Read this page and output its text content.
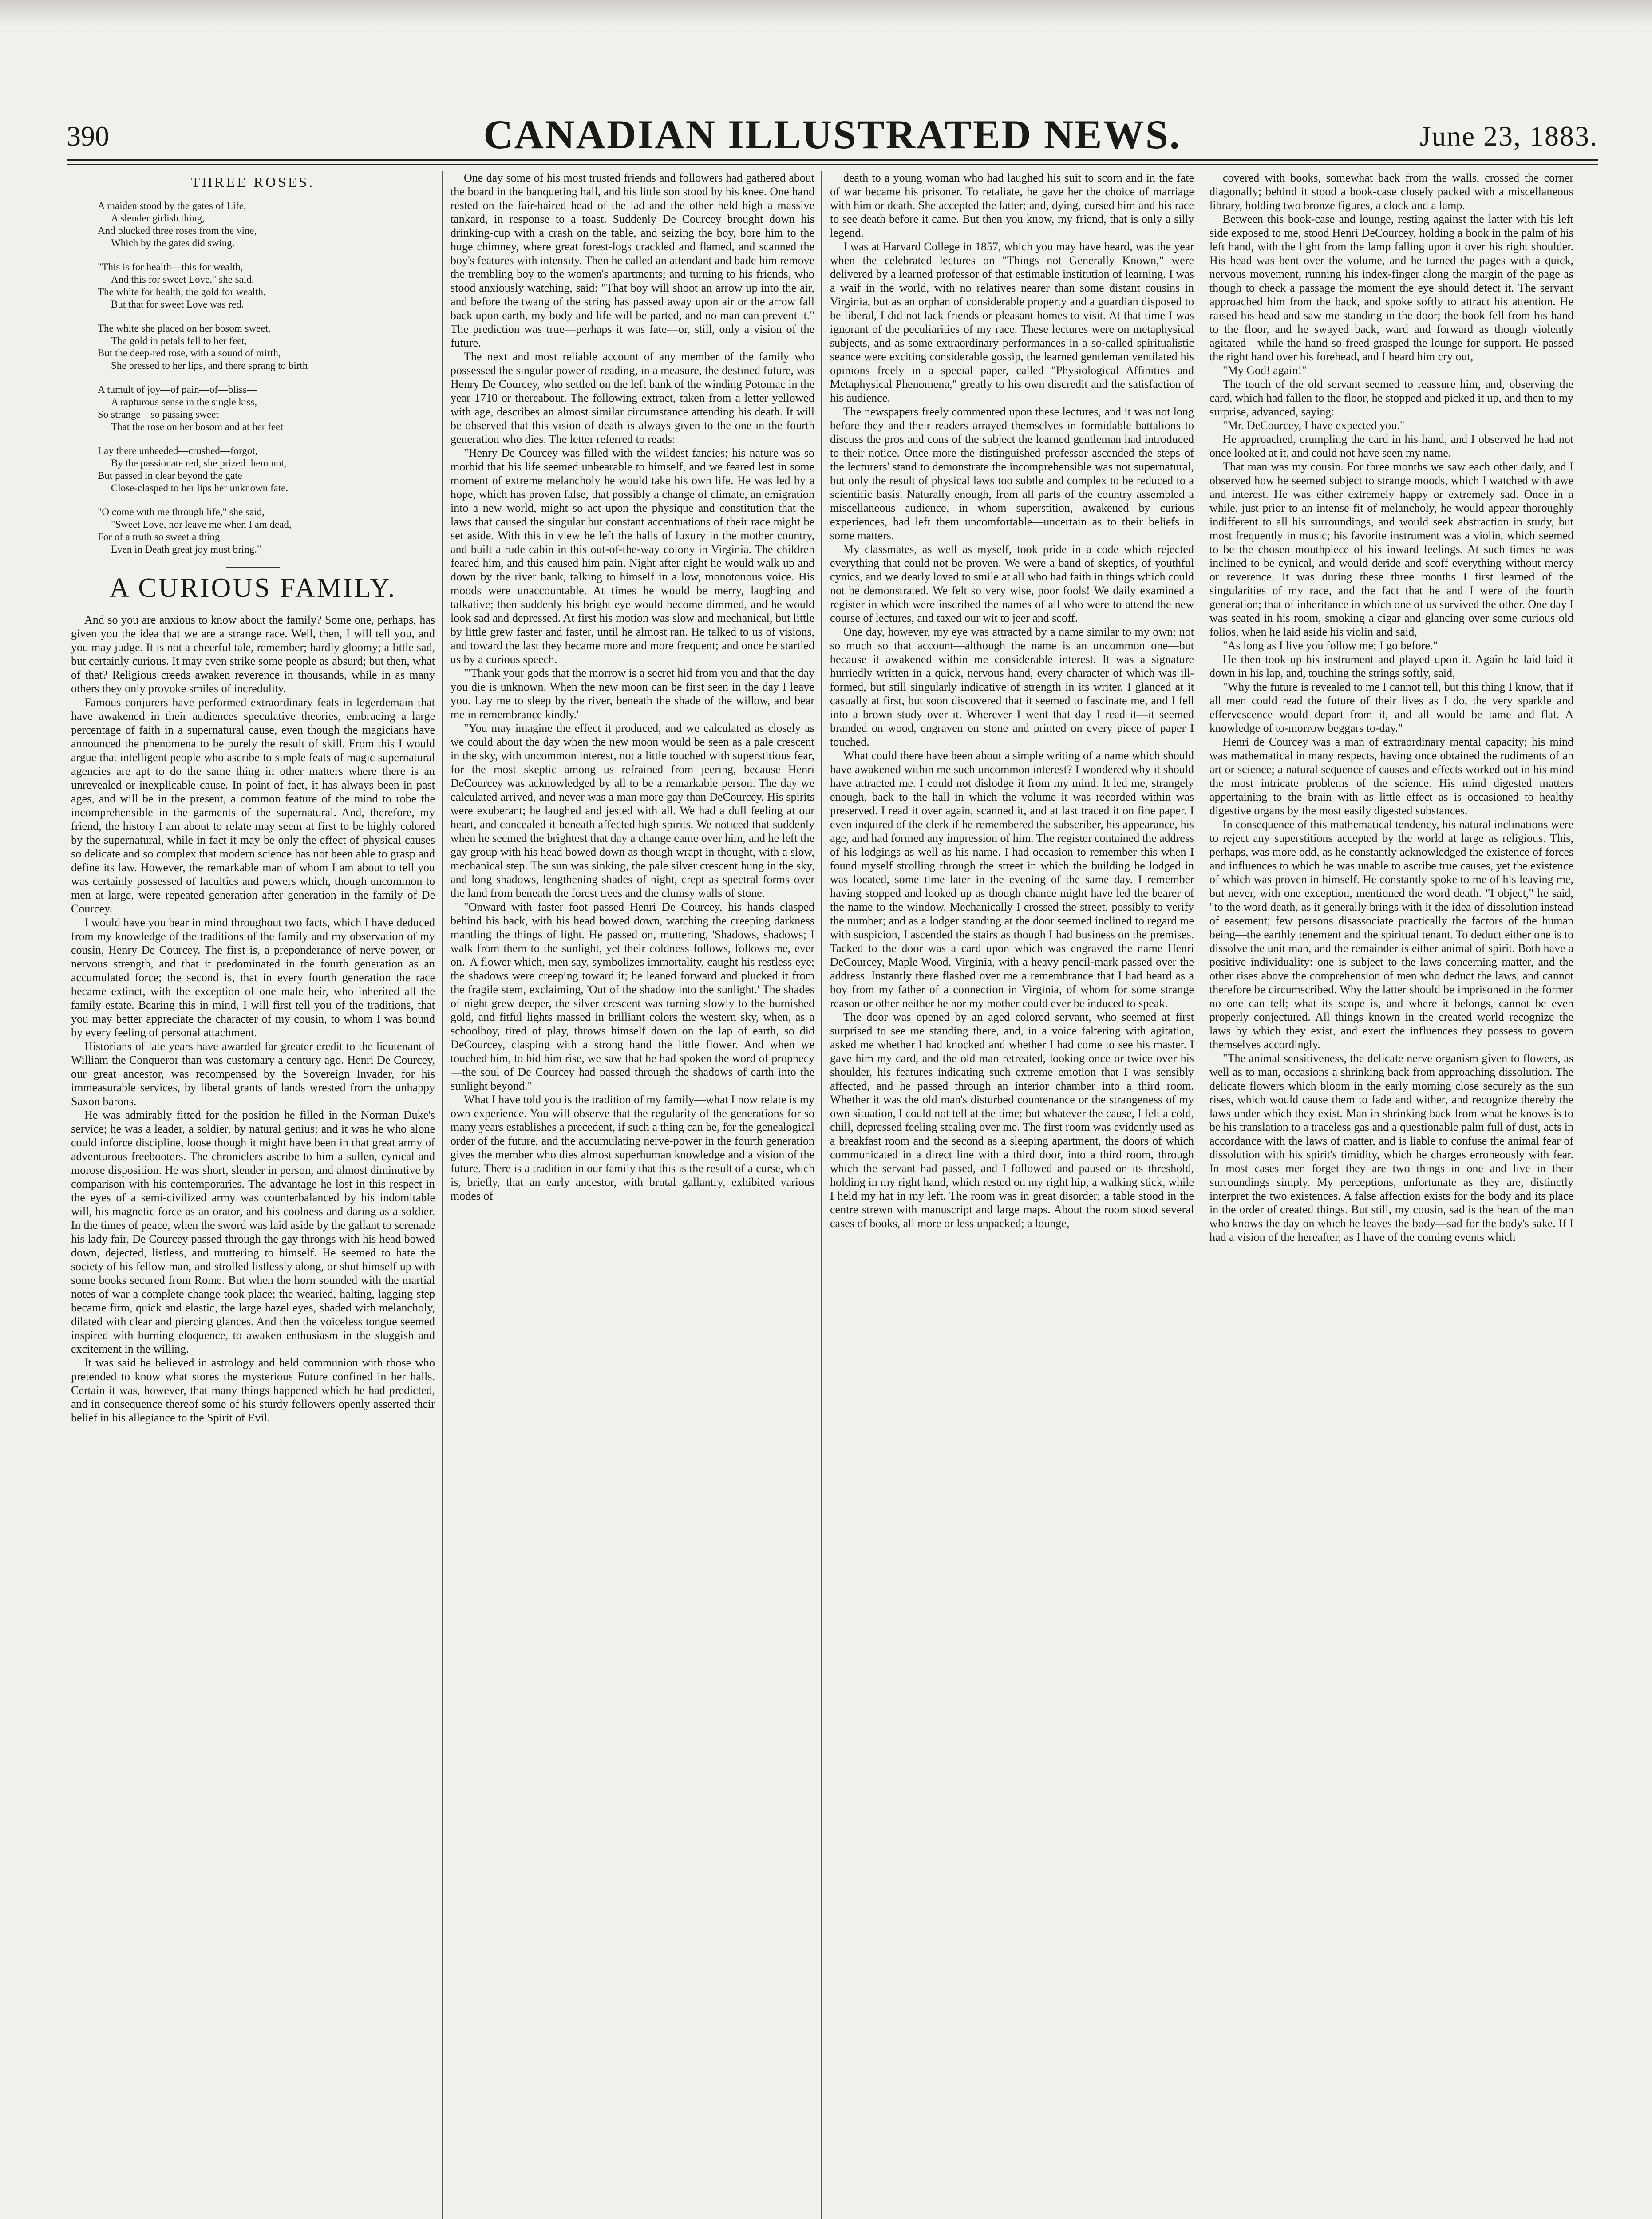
390	CANADIAN ILLUSTRATED NEWS.	June 23, 1883.
THREE ROSES.

A maiden stood by the gates of Life,

A slender girlish thing,

And plucked three roses from the vine,

Which by the gates did swing.

"This is for health—this for wealth,

And this for sweet Love," she said.

The white for health, the gold for wealth,

But that for sweet Love was red.

The white she placed on her bosom sweet,

The gold in petals fell to her feet,

But the deep-red rose, with a sound of mirth,

She pressed to her lips, and there sprang to birth

A tumult of joy—of pain—of—bliss—

A rapturous sense in the single kiss,

So strange—so passing sweet—

That the rose on her bosom and at her feet

Lay there unheeded—crushed—forgot,

By the passionate red, she prized them not,

But passed in clear beyond the gate

Close-clasped to her lips her unknown fate.

"O come with me through life," she said,

"Sweet Love, nor leave me when I am dead,

For of a truth so sweet a thing

Even in Death great joy must bring."

A CURIOUS FAMILY.

And so you are anxious to know about the family? Some one, perhaps, has given you the idea that we are a strange race. Well, then, I will tell you, and you may judge. It is not a cheerful tale, remember; hardly gloomy; a little sad, but certainly curious. It may even strike some people as absurd; but then, what of that? Religious creeds awaken reverence in thousands, while in as many others they only provoke smiles of incredulity.

Famous conjurers have performed extraordinary feats in legerdemain that have awakened in their audiences speculative theories, embracing a large percentage of faith in a supernatural cause, even though the magicians have announced the phenomena to be purely the result of skill. From this I would argue that intelligent people who ascribe to simple feats of magic supernatural agencies are apt to do the same thing in other matters where there is an unrevealed or inexplicable cause. In point of fact, it has always been in past ages, and will be in the present, a common feature of the mind to robe the incomprehensible in the garments of the supernatural. And, therefore, my friend, the history I am about to relate may seem at first to be highly colored by the supernatural, while in fact it may be only the effect of physical causes so delicate and so complex that modern science has not been able to grasp and define its law. However, the remarkable man of whom I am about to tell you was certainly possessed of faculties and powers which, though uncommon to men at large, were repeated generation after generation in the family of De Courcey.

I would have you bear in mind throughout two facts, which I have deduced from my knowledge of the traditions of the family and my observation of my cousin, Henry De Courcey. The first is, a preponderance of nerve power, or nervous strength, and that it predominated in the fourth generation as an accumulated force; the second is, that in every fourth generation the race became extinct, with the exception of one male heir, who inherited all the family estate. Bearing this in mind, I will first tell you of the traditions, that you may better appreciate the character of my cousin, to whom I was bound by every feeling of personal attachment.

Historians of late years have awarded far greater credit to the lieutenant of William the Conqueror than was customary a century ago. Henri De Courcey, our great ancestor, was recompensed by the Sovereign Invader, for his immeasurable services, by liberal grants of lands wrested from the unhappy Saxon barons.

He was admirably fitted for the position he filled in the Norman Duke's service; he was a leader, a soldier, by natural genius; and it was he who alone could inforce discipline, loose though it might have been in that great army of adventurous freebooters. The chroniclers ascribe to him a sullen, cynical and morose disposition. He was short, slender in person, and almost diminutive by comparison with his contemporaries. The advantage he lost in this respect in the eyes of a semi-civilized army was counterbalanced by his indomitable will, his magnetic force as an orator, and his coolness and daring as a soldier. In the times of peace, when the sword was laid aside by the gallant to serenade his lady fair, De Courcey passed through the gay throngs with his head bowed down, dejected, listless, and muttering to himself. He seemed to hate the society of his fellow man, and strolled listlessly along, or shut himself up with some books secured from Rome. But when the horn sounded with the martial notes of war a complete change took place; the wearied, halting, lagging step became firm, quick and elastic, the large hazel eyes, shaded with melancholy, dilated with clear and piercing glances. And then the voiceless tongue seemed inspired with burning eloquence, to awaken enthusiasm in the sluggish and excitement in the willing.

It was said he believed in astrology and held communion with those who pretended to know what stores the mysterious Future confined in her halls. Certain it was, however, that many things happened which he had predicted, and in consequence thereof some of his sturdy followers openly asserted their belief in his allegiance to the Spirit of Evil.

One day some of his most trusted friends and followers had gathered about the board in the banqueting hall, and his little son stood by his knee. One hand rested on the fair-haired head of the lad and the other held high a massive tankard, in response to a toast. Suddenly De Courcey brought down his drinking-cup with a crash on the table, and seizing the boy, bore him to the huge chimney, where great forest-logs crackled and flamed, and scanned the boy's features with intensity. Then he called an attendant and bade him remove the trembling boy to the women's apartments; and turning to his friends, who stood anxiously watching, said: "That boy will shoot an arrow up into the air, and before the twang of the string has passed away upon air or the arrow fall back upon earth, my body and life will be parted, and no man can prevent it." The prediction was true—perhaps it was fate—or, still, only a vision of the future.

The next and most reliable account of any member of the family who possessed the singular power of reading, in a measure, the destined future, was Henry De Courcey, who settled on the left bank of the winding Potomac in the year 1710 or thereabout. The following extract, taken from a letter yellowed with age, describes an almost similar circumstance attending his death. It will be observed that this vision of death is always given to the one in the fourth generation who dies. The letter referred to reads:

"Henry De Courcey was filled with the wildest fancies; his nature was so morbid that his life seemed unbearable to himself, and we feared lest in some moment of extreme melancholy he would take his own life. He was led by a hope, which has proven false, that possibly a change of climate, an emigration into a new world, might so act upon the physique and constitution that the laws that caused the singular but constant accentuations of their race might be set aside. With this in view he left the halls of luxury in the mother country, and built a rude cabin in this out-of-the-way colony in Virginia. The children feared him, and this caused him pain. Night after night he would walk up and down by the river bank, talking to himself in a low, monotonous voice. His moods were unaccountable. At times he would be merry, laughing and talkative; then suddenly his bright eye would become dimmed, and he would look sad and depressed. At first his motion was slow and mechanical, but little by little grew faster and faster, until he almost ran. He talked to us of visions, and toward the last they became more and more frequent; and once he startled us by a curious speech.

"'Thank your gods that the morrow is a secret hid from you and that the day you die is unknown. When the new moon can be first seen in the day I leave you. Lay me to sleep by the river, beneath the shade of the willow, and bear me in remembrance kindly.'

"You may imagine the effect it produced, and we calculated as closely as we could about the day when the new moon would be seen as a pale crescent in the sky, with uncommon interest, not a little touched with superstitious fear, for the most skeptic among us refrained from jeering, because Henri DeCourcey was acknowledged by all to be a remarkable person. The day we calculated arrived, and never was a man more gay than DeCourcey. His spirits were exuberant; he laughed and jested with all. We had a dull feeling at our heart, and concealed it beneath affected high spirits. We noticed that suddenly when he seemed the brightest that day a change came over him, and he left the gay group with his head bowed down as though wrapt in thought, with a slow, mechanical step. The sun was sinking, the pale silver crescent hung in the sky, and long shadows, lengthening shades of night, crept as spectral forms over the land from beneath the forest trees and the clumsy walls of stone.

"Onward with faster foot passed Henri De Courcey, his hands clasped behind his back, with his head bowed down, watching the creeping darkness mantling the things of light. He passed on, muttering, 'Shadows, shadows; I walk from them to the sunlight, yet their coldness follows, follows me, ever on.' A flower which, men say, symbolizes immortality, caught his restless eye; the shadows were creeping toward it; he leaned forward and plucked it from the fragile stem, exclaiming, 'Out of the shadow into the sunlight.' The shades of night grew deeper, the silver crescent was turning slowly to the burnished gold, and fitful lights massed in brilliant colors the western sky, when, as a schoolboy, tired of play, throws himself down on the lap of earth, so did DeCourcey, clasping with a strong hand the little flower. And when we touched him, to bid him rise, we saw that he had spoken the word of prophecy—the soul of De Courcey had passed through the shadows of earth into the sunlight beyond."

What I have told you is the tradition of my family—what I now relate is my own experience. You will observe that the regularity of the generations for so many years establishes a precedent, if such a thing can be, for the genealogical order of the future, and the accumulating nerve-power in the fourth generation gives the member who dies almost superhuman knowledge and a vision of the future. There is a tradition in our family that this is the result of a curse, which is, briefly, that an early ancestor, with brutal gallantry, exhibited various modes of

death to a young woman who had laughed his suit to scorn and in the fate of war became his prisoner. To retaliate, he gave her the choice of marriage with him or death. She accepted the latter; and, dying, cursed him and his race to see death before it came. But then you know, my friend, that is only a silly legend.

I was at Harvard College in 1857, which you may have heard, was the year when the celebrated lectures on "Things not Generally Known," were delivered by a learned professor of that estimable institution of learning. I was a waif in the world, with no relatives nearer than some distant cousins in Virginia, but as an orphan of considerable property and a guardian disposed to be liberal, I did not lack friends or pleasant homes to visit. At that time I was ignorant of the peculiarities of my race. These lectures were on metaphysical subjects, and as some extraordinary performances in a so-called spiritualistic seance were exciting considerable gossip, the learned gentleman ventilated his opinions freely in a special paper, called "Physiological Affinities and Metaphysical Phenomena," greatly to his own discredit and the satisfaction of his audience.

The newspapers freely commented upon these lectures, and it was not long before they and their readers arrayed themselves in formidable battalions to discuss the pros and cons of the subject the learned gentleman had introduced to their notice. Once more the distinguished professor ascended the steps of the lecturers' stand to demonstrate the incomprehensible was not supernatural, but only the result of physical laws too subtle and complex to be reduced to a scientific basis. Naturally enough, from all parts of the country assembled a miscellaneous audience, in whom superstition, awakened by curious experiences, had left them uncomfortable—uncertain as to their beliefs in some matters.

My classmates, as well as myself, took pride in a code which rejected everything that could not be proven. We were a band of skeptics, of youthful cynics, and we dearly loved to smile at all who had faith in things which could not be demonstrated. We felt so very wise, poor fools! We daily examined a register in which were inscribed the names of all who were to attend the new course of lectures, and taxed our wit to jeer and scoff.

One day, however, my eye was attracted by a name similar to my own; not so much so that account—although the name is an uncommon one—but because it awakened within me considerable interest. It was a signature hurriedly written in a quick, nervous hand, every character of which was ill-formed, but still singularly indicative of strength in its writer. I glanced at it casually at first, but soon discovered that it seemed to fascinate me, and I fell into a brown study over it. Wherever I went that day I read it—it seemed branded on wood, engraven on stone and printed on every piece of paper I touched.

What could there have been about a simple writing of a name which should have awakened within me such uncommon interest? I wondered why it should have attracted me. I could not dislodge it from my mind. It led me, strangely enough, back to the hall in which the volume it was recorded within was preserved. I read it over again, scanned it, and at last traced it on fine paper. I even inquired of the clerk if he remembered the subscriber, his appearance, his age, and had formed any impression of him. The register contained the address of his lodgings as well as his name. I had occasion to remember this when I found myself strolling through the street in which the building he lodged in was located, some time later in the evening of the same day. I remember having stopped and looked up as though chance might have led the bearer of the name to the window. Mechanically I crossed the street, possibly to verify the number; and as a lodger standing at the door seemed inclined to regard me with suspicion, I ascended the stairs as though I had business on the premises. Tacked to the door was a card upon which was engraved the name Henri DeCourcey, Maple Wood, Virginia, with a heavy pencil-mark passed over the address. Instantly there flashed over me a remembrance that I had heard as a boy from my father of a connection in Virginia, of whom for some strange reason or other neither he nor my mother could ever be induced to speak.

The door was opened by an aged colored servant, who seemed at first surprised to see me standing there, and, in a voice faltering with agitation, asked me whether I had knocked and whether I had come to see his master. I gave him my card, and the old man retreated, looking once or twice over his shoulder, his features indicating such extreme emotion that I was sensibly affected, and he passed through an interior chamber into a third room. Whether it was the old man's disturbed countenance or the strangeness of my own situation, I could not tell at the time; but whatever the cause, I felt a cold, chill, depressed feeling stealing over me. The first room was evidently used as a breakfast room and the second as a sleeping apartment, the doors of which communicated in a direct line with a third door, into a third room, through which the servant had passed, and I followed and paused on its threshold, holding in my right hand, which rested on my right hip, a walking stick, while I held my hat in my left. The room was in great disorder; a table stood in the centre strewn with manuscript and large maps. About the room stood several cases of books, all more or less unpacked; a lounge,

covered with books, somewhat back from the walls, crossed the corner diagonally; behind it stood a book-case closely packed with a miscellaneous library, holding two bronze figures, a clock and a lamp.

Between this book-case and lounge, resting against the latter with his left side exposed to me, stood Henri DeCourcey, holding a book in the palm of his left hand, with the light from the lamp falling upon it over his right shoulder. His head was bent over the volume, and he turned the pages with a quick, nervous movement, running his index-finger along the margin of the page as though to check a passage the moment the eye should detect it. The servant approached him from the back, and spoke softly to attract his attention. He raised his head and saw me standing in the door; the book fell from his hand to the floor, and he swayed back, ward and forward as though violently agitated—while the hand so freed grasped the lounge for support. He passed the right hand over his forehead, and I heard him cry out,

"My God! again!"

The touch of the old servant seemed to reassure him, and, observing the card, which had fallen to the floor, he stopped and picked it up, and then to my surprise, advanced, saying:

"Mr. DeCourcey, I have expected you."

He approached, crumpling the card in his hand, and I observed he had not once looked at it, and could not have seen my name.

That man was my cousin. For three months we saw each other daily, and I observed how he seemed subject to strange moods, which I watched with awe and interest. He was either extremely happy or extremely sad. Once in a while, just prior to an intense fit of melancholy, he would appear thoroughly indifferent to all his surroundings, and would seek abstraction in study, but most frequently in music; his favorite instrument was a violin, which seemed to be the chosen mouthpiece of his inward feelings. At such times he was inclined to be cynical, and would deride and scoff everything without mercy or reverence. It was during these three months I first learned of the singularities of my race, and the fact that he and I were of the fourth generation; that of inheritance in which one of us survived the other. One day I was seated in his room, smoking a cigar and glancing over some curious old folios, when he laid aside his violin and said,

"As long as I live you follow me; I go before."

He then took up his instrument and played upon it. Again he laid laid it down in his lap, and, touching the strings softly, said,

"Why the future is revealed to me I cannot tell, but this thing I know, that if all men could read the future of their lives as I do, the very sparkle and effervescence would depart from it, and all would be tame and flat. A knowledge of to-morrow beggars to-day."

Henri de Courcey was a man of extraordinary mental capacity; his mind was mathematical in many respects, having once obtained the rudiments of an art or science; a natural sequence of causes and effects worked out in his mind the most intricate problems of the science. His mind digested matters appertaining to the brain with as little effect as is occasioned to healthy digestive organs by the most easily digested substances.

In consequence of this mathematical tendency, his natural inclinations were to reject any superstitions accepted by the world at large as religious. This, perhaps, was more odd, as he constantly acknowledged the existence of forces and influences to which he was unable to ascribe true causes, yet the existence of which was proven in himself. He constantly spoke to me of his leaving me, but never, with one exception, mentioned the word death. "I object," he said, "to the word death, as it generally brings with it the idea of dissolution instead of easement; few persons disassociate practically the factors of the human being—the earthly tenement and the spiritual tenant. To deduct either one is to dissolve the unit man, and the remainder is either animal of spirit. Both have a positive individuality: one is subject to the laws concerning matter, and the other rises above the comprehension of men who deduct the laws, and cannot therefore be circumscribed. Why the latter should be imprisoned in the former no one can tell; what its scope is, and where it belongs, cannot be even properly conjectured. All things known in the created world recognize the laws by which they exist, and exert the influences they possess to govern themselves accordingly.

"The animal sensitiveness, the delicate nerve organism given to flowers, as well as to man, occasions a shrinking back from approaching dissolution. The delicate flowers which bloom in the early morning close securely as the sun rises, which would cause them to fade and wither, and recognize thereby the laws under which they exist. Man in shrinking back from what he knows is to be his translation to a traceless gas and a questionable palm full of dust, acts in accordance with the laws of matter, and is liable to confuse the animal fear of dissolution with his spirit's timidity, which he charges erroneously with fear. In most cases men forget they are two things in one and live in their surroundings simply. My perceptions, unfortunate as they are, distinctly interpret the two existences. A false affection exists for the body and its place in the order of created things. But still, my cousin, sad is the heart of the man who knows the day on which he leaves the body—sad for the body's sake. If I had a vision of the hereafter, as I have of the coming events which
